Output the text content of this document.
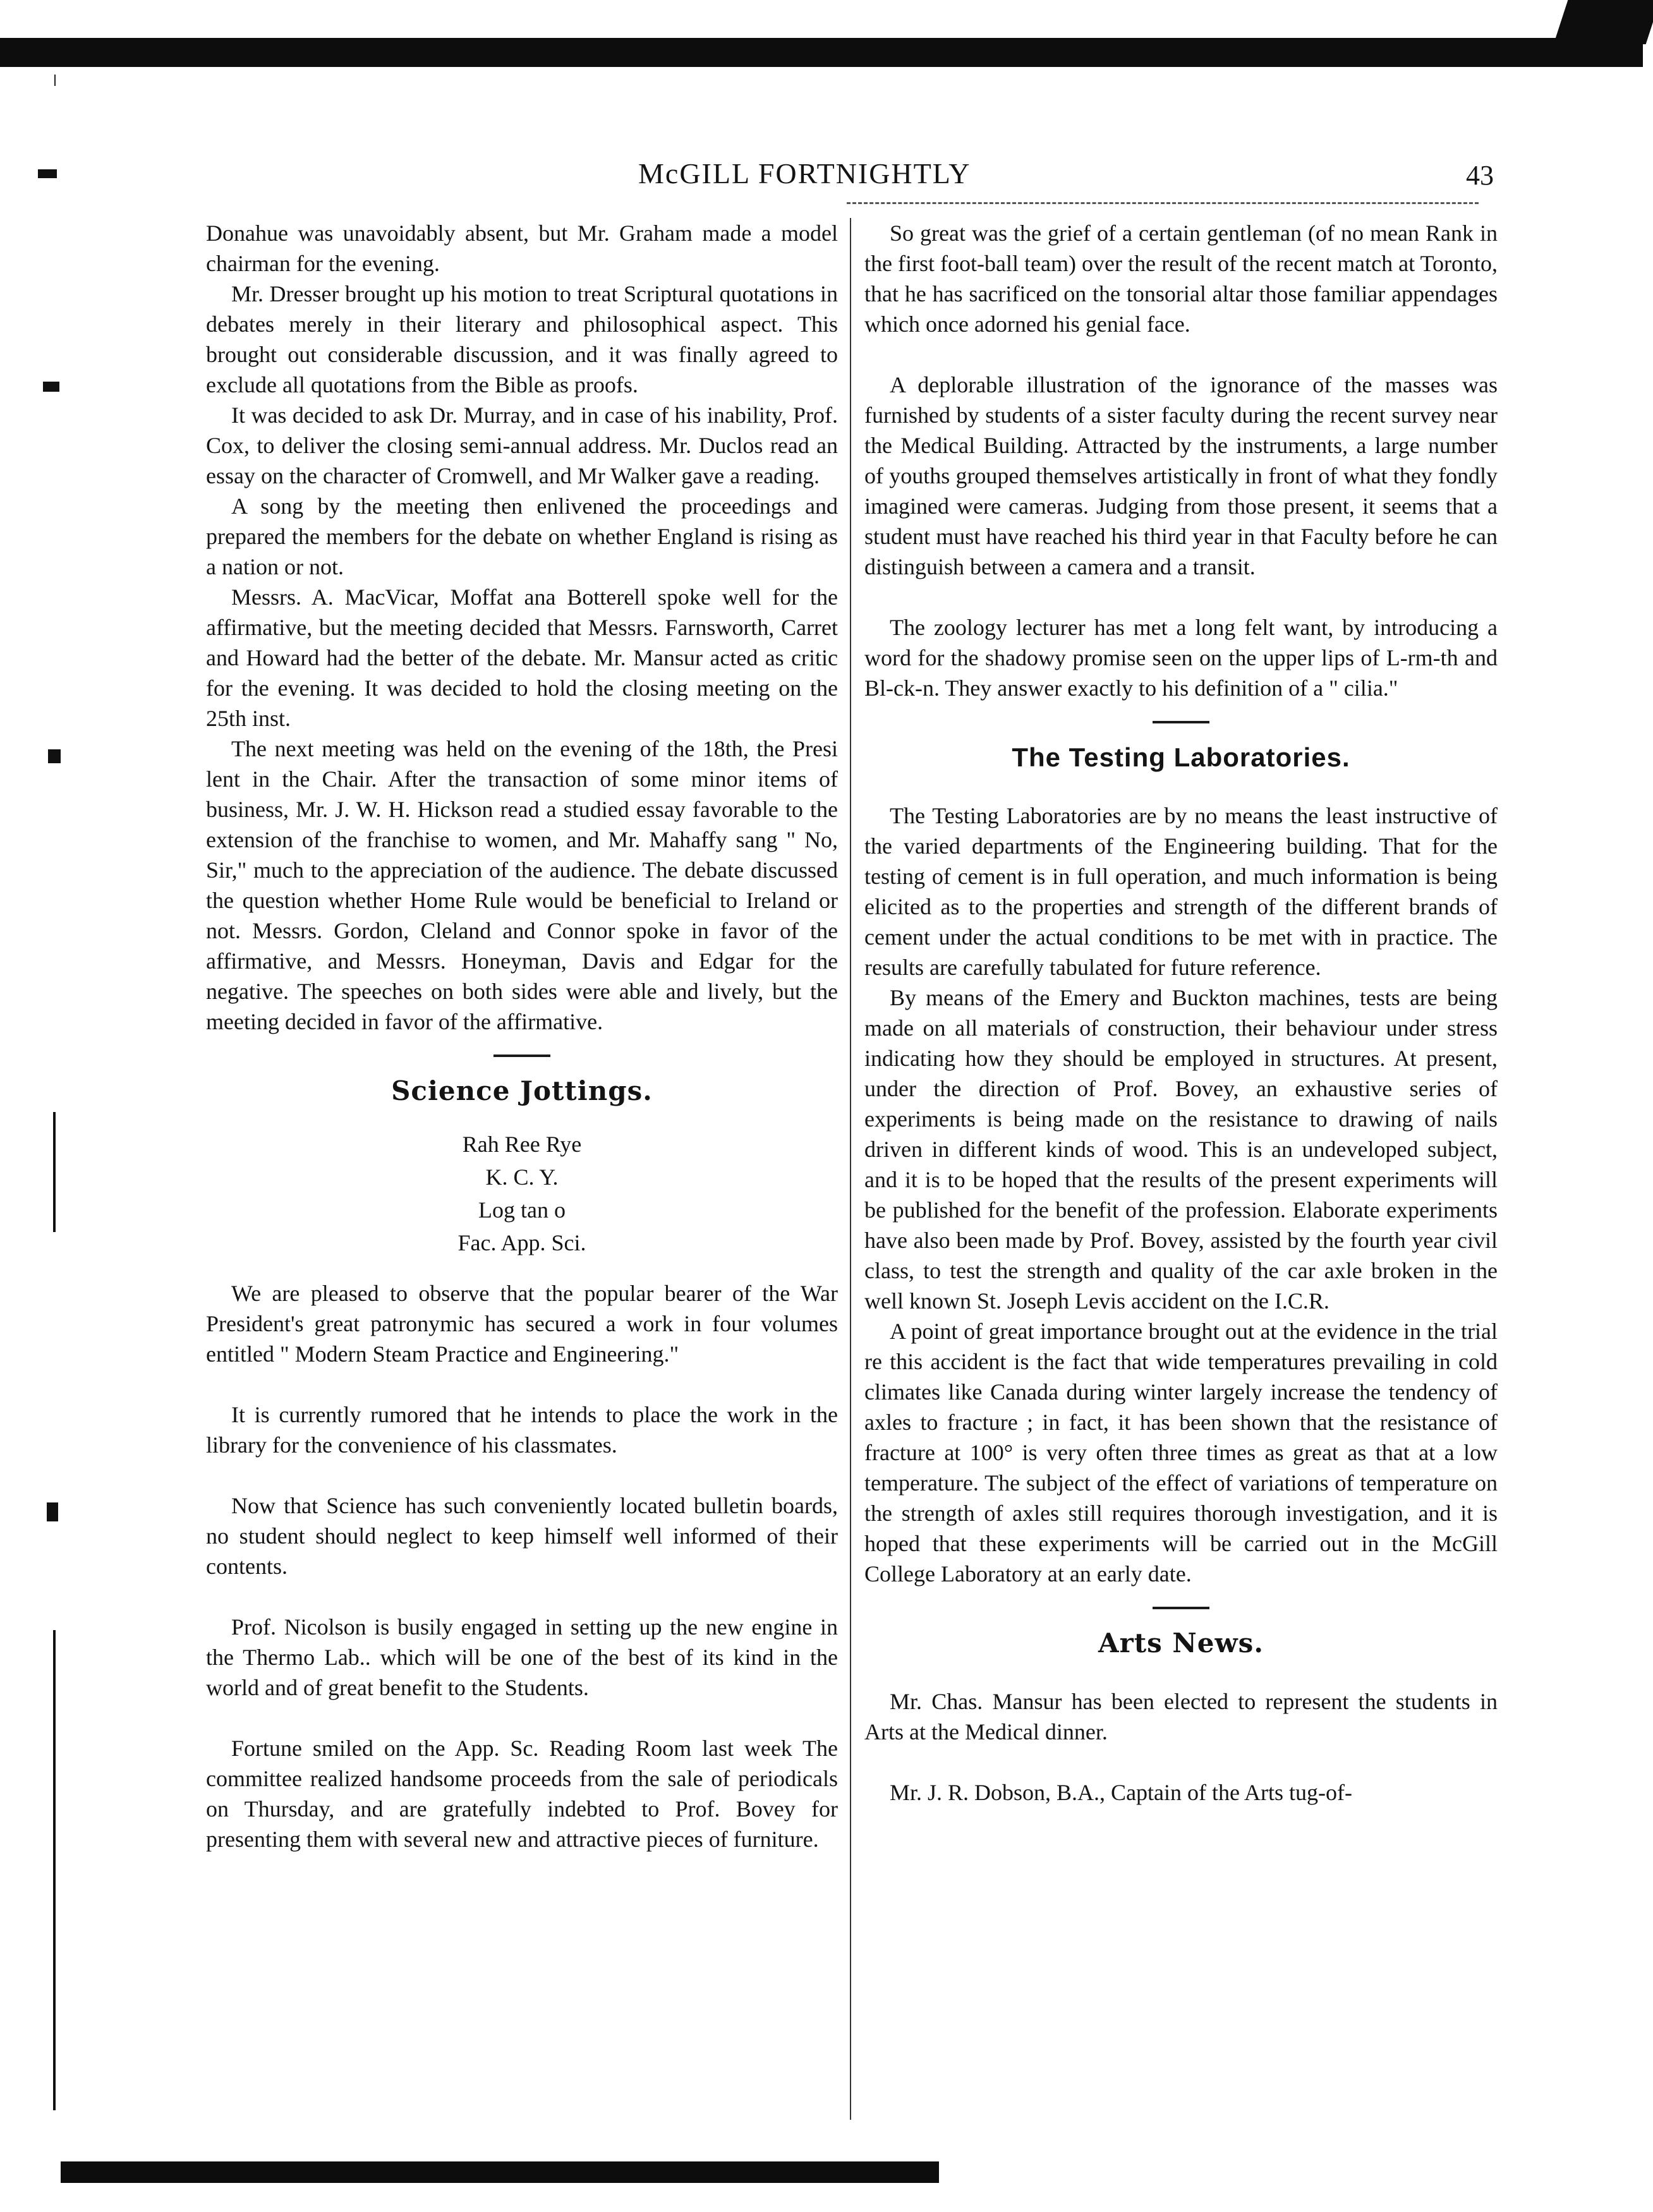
McGILL FORTNIGHTLY	43

Donahue was unavoidably absent, but Mr. Graham made a model chairman for the evening.

Mr. Dresser brought up his motion to treat Scriptural quotations in debates merely in their literary and philosophical aspect. This brought out considerable discussion, and it was finally agreed to exclude all quotations from the Bible as proofs.

It was decided to ask Dr. Murray, and in case of his inability, Prof. Cox, to deliver the closing semi-annual address. Mr. Duclos read an essay on the character of Cromwell, and Mr Walker gave a reading.

A song by the meeting then enlivened the proceedings and prepared the members for the debate on whether England is rising as a nation or not.

Messrs. A. MacVicar, Moffat ana Botterell spoke well for the affirmative, but the meeting decided that Messrs. Farnsworth, Carret and Howard had the better of the debate. Mr. Mansur acted as critic for the evening. It was decided to hold the closing meeting on the 25th inst.

The next meeting was held on the evening of the 18th, the Presi lent in the Chair. After the transaction of some minor items of business, Mr. J. W. H. Hickson read a studied essay favorable to the extension of the franchise to women, and Mr. Mahaffy sang " No, Sir," much to the appreciation of the audience. The debate discussed the question whether Home Rule would be beneficial to Ireland or not. Messrs. Gordon, Cleland and Connor spoke in favor of the affirmative, and Messrs. Honeyman, Davis and Edgar for the negative. The speeches on both sides were able and lively, but the meeting decided in favor of the affirmative.

Science Jottings.
Rah Ree Rye
K. C. Y.
Log tan o
Fac. App. Sci.

We are pleased to observe that the popular bearer of the War President's great patronymic has secured a work in four volumes entitled " Modern Steam Practice and Engineering."

It is currently rumored that he intends to place the work in the library for the convenience of his classmates.

Now that Science has such conveniently located bulletin boards, no student should neglect to keep himself well informed of their contents.

Prof. Nicolson is busily engaged in setting up the new engine in the Thermo Lab.. which will be one of the best of its kind in the world and of great benefit to the Students.

Fortune smiled on the App. Sc. Reading Room last week The committee realized handsome proceeds from the sale of periodicals on Thursday, and are gratefully indebted to Prof. Bovey for presenting them with several new and attractive pieces of furniture.

So great was the grief of a certain gentleman (of no mean Rank in the first foot-ball team) over the result of the recent match at Toronto, that he has sacrificed on the tonsorial altar those familiar appendages which once adorned his genial face.

A deplorable illustration of the ignorance of the masses was furnished by students of a sister faculty during the recent survey near the Medical Building. Attracted by the instruments, a large number of youths grouped themselves artistically in front of what they fondly imagined were cameras. Judging from those present, it seems that a student must have reached his third year in that Faculty before he can distinguish between a camera and a transit.

The zoology lecturer has met a long felt want, by introducing a word for the shadowy promise seen on the upper lips of L-rm-th and Bl-ck-n. They answer exactly to his definition of a " cilia."

The Testing Laboratories.

The Testing Laboratories are by no means the least instructive of the varied departments of the Engineering building. That for the testing of cement is in full operation, and much information is being elicited as to the properties and strength of the different brands of cement under the actual conditions to be met with in practice. The results are carefully tabulated for future reference.

By means of the Emery and Buckton machines, tests are being made on all materials of construction, their behaviour under stress indicating how they should be employed in structures. At present, under the direction of Prof. Bovey, an exhaustive series of experiments is being made on the resistance to drawing of nails driven in different kinds of wood. This is an undeveloped subject, and it is to be hoped that the results of the present experiments will be published for the benefit of the profession. Elaborate experiments have also been made by Prof. Bovey, assisted by the fourth year civil class, to test the strength and quality of the car axle broken in the well known St. Joseph Levis accident on the I.C.R.

A point of great importance brought out at the evidence in the trial re this accident is the fact that wide temperatures prevailing in cold climates like Canada during winter largely increase the tendency of axles to fracture ; in fact, it has been shown that the resistance of fracture at 100° is very often three times as great as that at a low temperature. The subject of the effect of variations of temperature on the strength of axles still requires thorough investigation, and it is hoped that these experiments will be carried out in the McGill College Laboratory at an early date.

Arts News.

Mr. Chas. Mansur has been elected to represent the students in Arts at the Medical dinner.

Mr. J. R. Dobson, B.A., Captain of the Arts tug-of-
